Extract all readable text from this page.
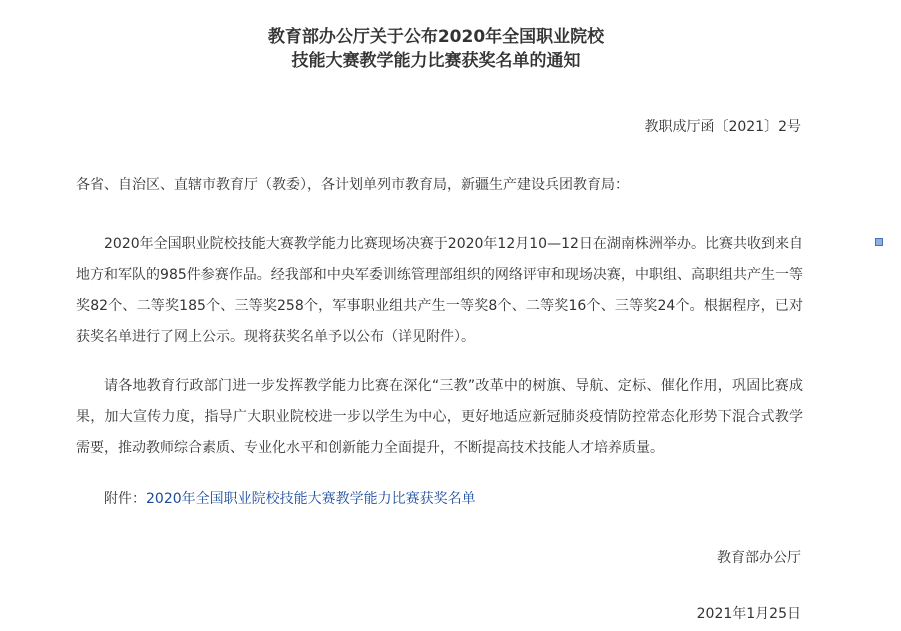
教育部办公厅关于公布2020年全国职业院校
技能大赛教学能力比赛获奖名单的通知
教职成厅函〔2021〕2号
各省、自治区、直辖市教育厅（教委），各计划单列市教育局，新疆生产建设兵团教育局：

2020年全国职业院校技能大赛教学能力比赛现场决赛于2020年12月10—12日在湖南株洲举办。比赛共收到来自地方和军队的985件参赛作品。经我部和中央军委训练管理部组织的网络评审和现场决赛，中职组、高职组共产生一等奖82个、二等奖185个、三等奖258个，军事职业组共产生一等奖8个、二等奖16个、三等奖24个。根据程序，已对获奖名单进行了网上公示。现将获奖名单予以公布（详见附件）。

请各地教育行政部门进一步发挥教学能力比赛在深化“三教”改革中的树旗、导航、定标、催化作用，巩固比赛成果，加大宣传力度，指导广大职业院校进一步以学生为中心，更好地适应新冠肺炎疫情防控常态化形势下混合式教学需要，推动教师综合素质、专业化水平和创新能力全面提升，不断提高技术技能人才培养质量。

附件：2020年全国职业院校技能大赛教学能力比赛获奖名单
教育部办公厅
2021年1月25日
